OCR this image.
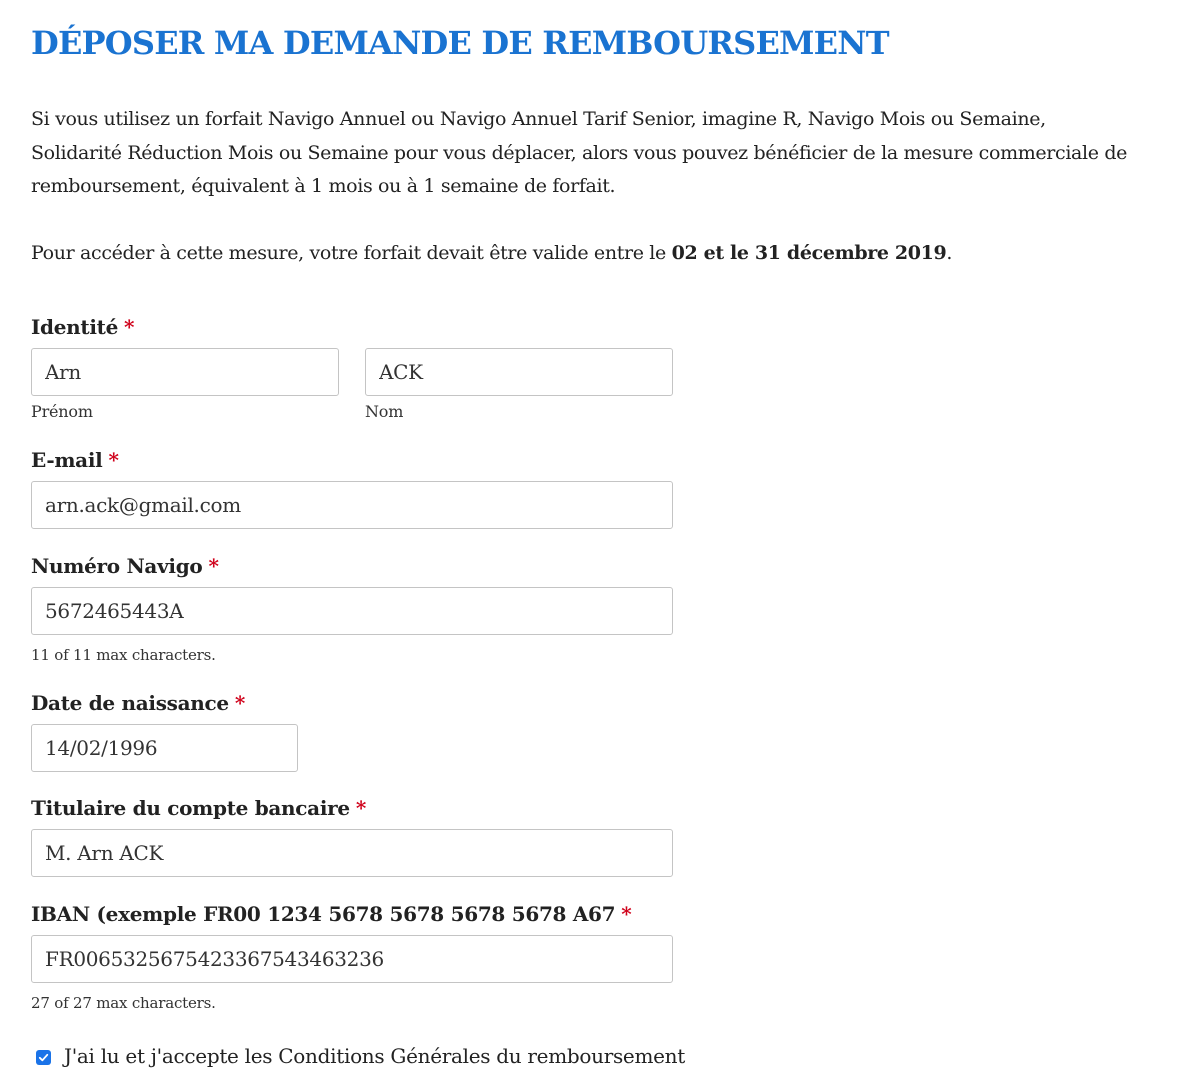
DÉPOSER MA DEMANDE DE REMBOURSEMENT

Si vous utilisez un forfait Navigo Annuel ou Navigo Annuel Tarif Senior, imagine R, Navigo Mois ou Semaine, Solidarité Réduction Mois ou Semaine pour vous déplacer, alors vous pouvez bénéficier de la mesure commerciale de remboursement, équivalent à 1 mois ou à 1 semaine de forfait.

Pour accéder à cette mesure, votre forfait devait être valide entre le 02 et le 31 décembre 2019.

Identité *
Arn
Prénom
ACK	Nom
E-mail *
arn.ack@gmail.com
Numéro Navigo *
5672465443A
11 of 11 max characters.
Date de naissance *
14/02/1996
Titulaire du compte bancaire *
M. Arn ACK
IBAN (exemple FR00 1234 5678 5678 5678 5678 A67 *
FR0065325675423367543463236
27 of 27 max characters.
J'ai lu et j'accepte les Conditions Générales du remboursement
